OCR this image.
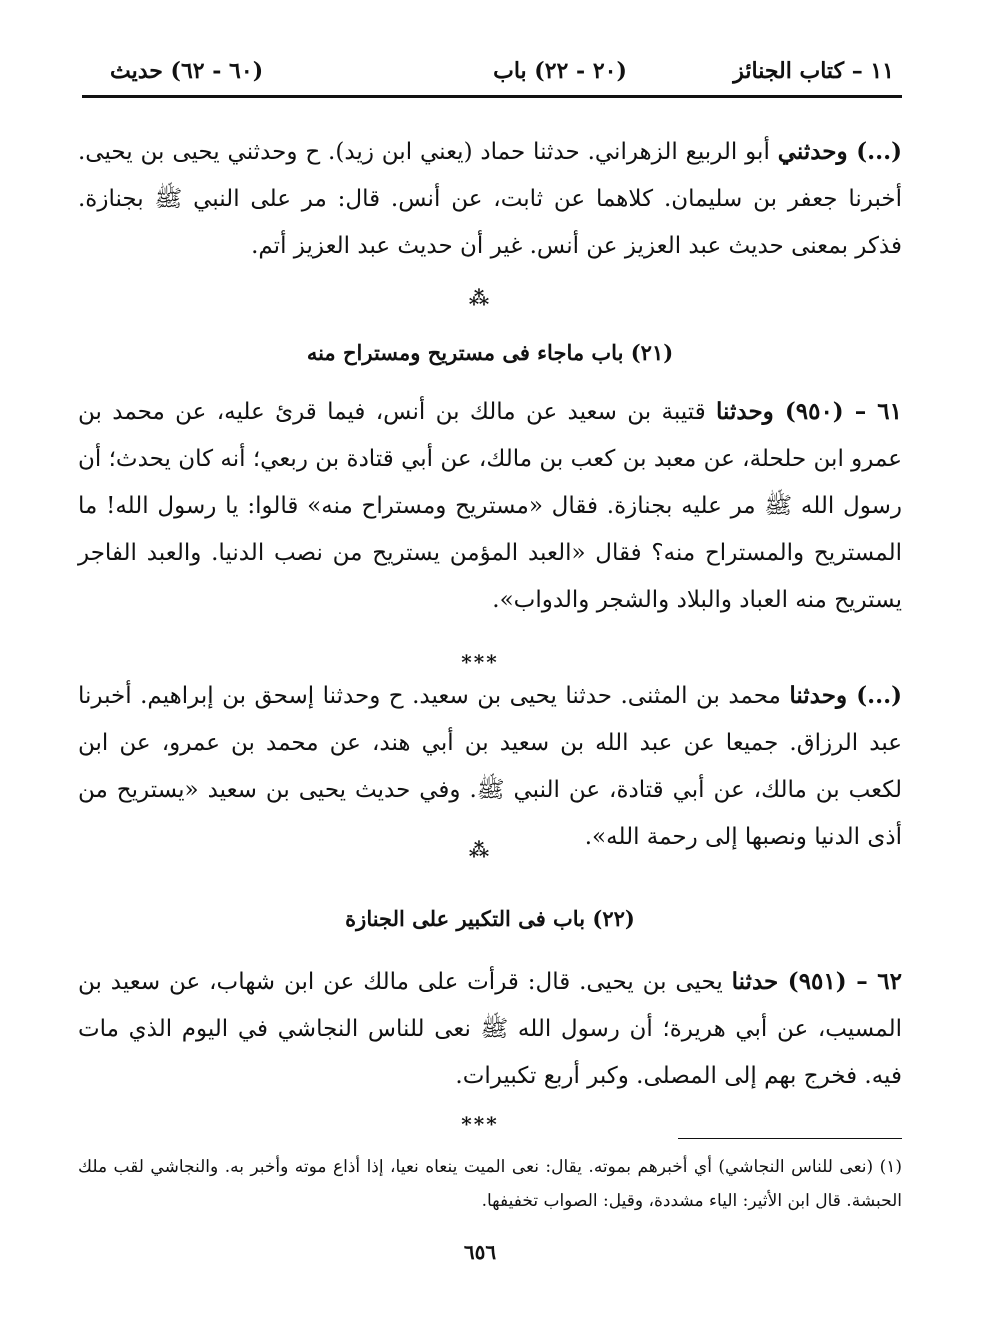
١١ – كتاب الجنائز
(٢٠ - ٢٢) باب
(٦٠ - ٦٢) حديث
(...) وحدثني أبو الربيع الزهراني. حدثنا حماد (يعني ابن زيد). ح وحدثني يحيى بن يحيى. أخبرنا جعفر بن سليمان. كلاهما عن ثابت، عن أنس. قال: مر على النبي ﷺ بجنازة. فذكر بمعنى حديث عبد العزيز عن أنس. غير أن حديث عبد العزيز أتم.
⁂
(٢١) باب ماجاء فى مستريح ومستراح منه
٦١ – (٩٥٠) وحدثنا قتيبة بن سعيد عن مالك بن أنس، فيما قرئ عليه، عن محمد بن عمرو ابن حلحلة، عن معبد بن كعب بن مالك، عن أبي قتادة بن ربعي؛ أنه كان يحدث؛ أن رسول الله ﷺ مر عليه بجنازة. فقال «مستريح ومستراح منه» قالوا: يا رسول الله! ما المستريح والمستراح منه؟ فقال «العبد المؤمن يستريح من نصب الدنيا. والعبد الفاجر يستريح منه العباد والبلاد والشجر والدواب».
***
(...) وحدثنا محمد بن المثنى. حدثنا يحيى بن سعيد. ح وحدثنا إسحق بن إبراهيم. أخبرنا عبد الرزاق. جميعا عن عبد الله بن سعيد بن أبي هند، عن محمد بن عمرو، عن ابن لكعب بن مالك، عن أبي قتادة، عن النبي ﷺ. وفي حديث يحيى بن سعيد «يستريح من أذى الدنيا ونصبها إلى رحمة الله».
⁂
(٢٢) باب فى التكبير على الجنازة
٦٢ – (٩٥١) حدثنا يحيى بن يحيى. قال: قرأت على مالك عن ابن شهاب، عن سعيد بن المسيب، عن أبي هريرة؛ أن رسول الله ﷺ نعى للناس النجاشي في اليوم الذي مات فيه. فخرج بهم إلى المصلى. وكبر أربع تكبيرات.
***
(١) (نعى للناس النجاشي) أي أخبرهم بموته. يقال: نعى الميت ينعاه نعيا، إذا أذاع موته وأخبر به. والنجاشي لقب ملك الحبشة. قال ابن الأثير: الياء مشددة، وقيل: الصواب تخفيفها.
٦٥٦
